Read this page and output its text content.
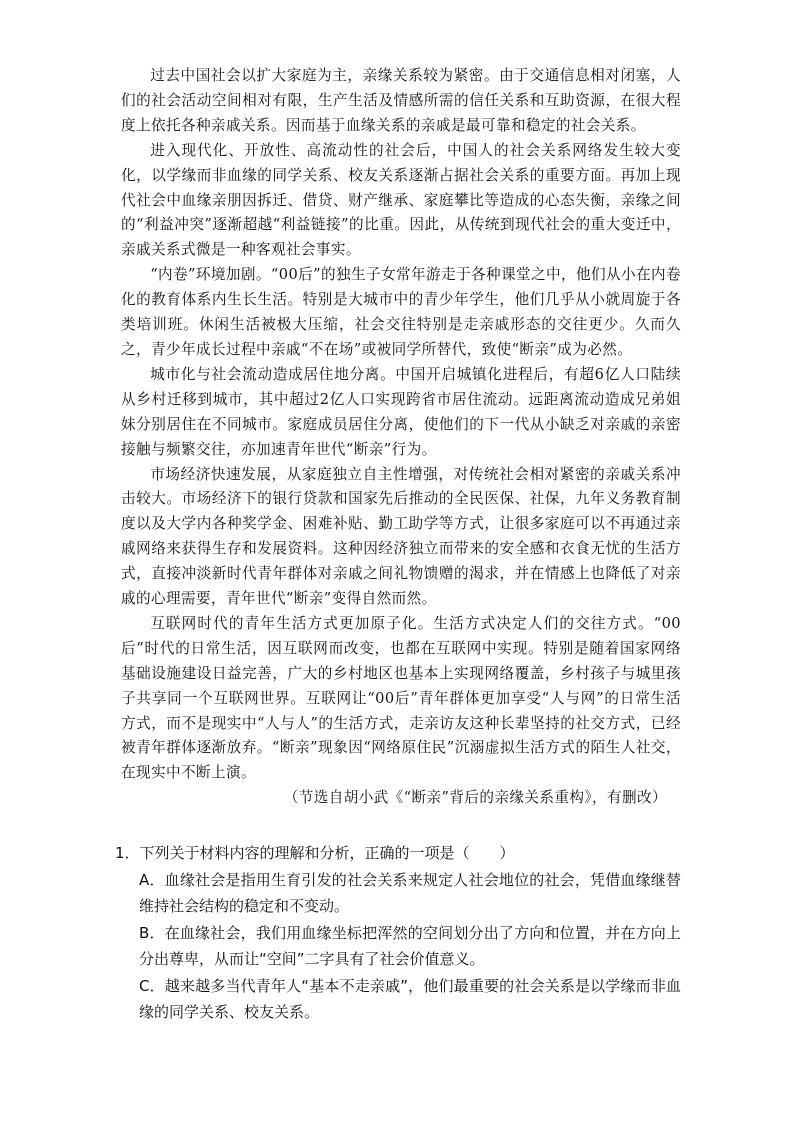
过去中国社会以扩大家庭为主，亲缘关系较为紧密。由于交通信息相对闭塞，人们的社会活动空间相对有限，生产生活及情感所需的信任关系和互助资源，在很大程度上依托各种亲戚关系。因而基于血缘关系的亲戚是最可靠和稳定的社会关系。

进入现代化、开放性、高流动性的社会后，中国人的社会关系网络发生较大变化，以学缘而非血缘的同学关系、校友关系逐渐占据社会关系的重要方面。再加上现代社会中血缘亲朋因拆迁、借贷、财产继承、家庭攀比等造成的心态失衡，亲缘之间的“利益冲突”逐渐超越“利益链接”的比重。因此，从传统到现代社会的重大变迁中，亲戚关系式微是一种客观社会事实。

“内卷”环境加剧。“00后”的独生子女常年游走于各种课堂之中，他们从小在内卷化的教育体系内生长生活。特别是大城市中的青少年学生，他们几乎从小就周旋于各类培训班。休闲生活被极大压缩，社会交往特别是走亲戚形态的交往更少。久而久之，青少年成长过程中亲戚“不在场”或被同学所替代，致使“断亲”成为必然。

城市化与社会流动造成居住地分离。中国开启城镇化进程后，有超6亿人口陆续从乡村迁移到城市，其中超过2亿人口实现跨省市居住流动。远距离流动造成兄弟姐妹分别居住在不同城市。家庭成员居住分离，使他们的下一代从小缺乏对亲戚的亲密接触与频繁交往，亦加速青年世代“断亲”行为。

市场经济快速发展，从家庭独立自主性增强，对传统社会相对紧密的亲戚关系冲击较大。市场经济下的银行贷款和国家先后推动的全民医保、社保，九年义务教育制度以及大学内各种奖学金、困难补贴、勤工助学等方式，让很多家庭可以不再通过亲戚网络来获得生存和发展资料。这种因经济独立而带来的安全感和衣食无忧的生活方式，直接冲淡新时代青年群体对亲戚之间礼物馈赠的渴求，并在情感上也降低了对亲戚的心理需要，青年世代“断亲”变得自然而然。

互联网时代的青年生活方式更加原子化。生活方式决定人们的交往方式。“00后”时代的日常生活，因互联网而改变，也都在互联网中实现。特别是随着国家网络基础设施建设日益完善，广大的乡村地区也基本上实现网络覆盖，乡村孩子与城里孩子共享同一个互联网世界。互联网让“00后”青年群体更加享受“人与网”的日常生活方式，而不是现实中“人与人”的生活方式，走亲访友这种长辈坚持的社交方式，已经被青年群体逐渐放弃。“断亲”现象因“网络原住民”沉溺虚拟生活方式的陌生人社交，在现实中不断上演。

（节选自胡小武《“断亲”背后的亲缘关系重构》，有删改）

1．下列关于材料内容的理解和分析，正确的一项是（　　）

A．血缘社会是指用生育引发的社会关系来规定人社会地位的社会，凭借血缘继替维持社会结构的稳定和不变动。

B．在血缘社会，我们用血缘坐标把浑然的空间划分出了方向和位置，并在方向上分出尊卑，从而让“空间”二字具有了社会价值意义。

C．越来越多当代青年人“基本不走亲戚”，他们最重要的社会关系是以学缘而非血缘的同学关系、校友关系。
